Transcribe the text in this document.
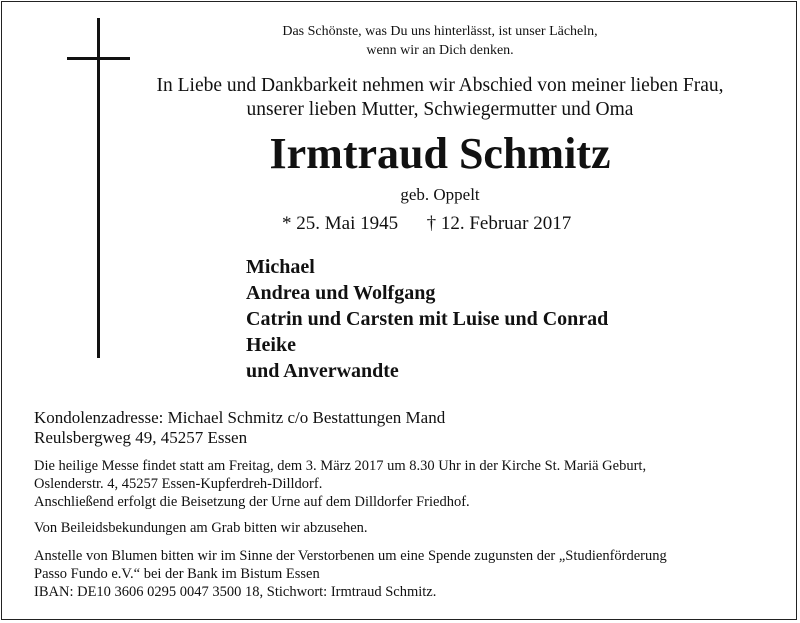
Das Schönste, was Du uns hinterlässt, ist unser Lächeln,
wenn wir an Dich denken.
In Liebe und Dankbarkeit nehmen wir Abschied von meiner lieben Frau,
unserer lieben Mutter, Schwiegermutter und Oma
Irmtraud Schmitz
geb. Oppelt
* 25. Mai 1945 † 12. Februar 2017
Michael
Andrea und Wolfgang
Catrin und Carsten mit Luise und Conrad
Heike
und Anverwandte
Kondolenzadresse: Michael Schmitz c/o Bestattungen Mand
Reulsbergweg 49, 45257 Essen
Die heilige Messe findet statt am Freitag, dem 3. März 2017 um 8.30 Uhr in der Kirche St. Mariä Geburt,
Oslenderstr. 4, 45257 Essen-Kupferdreh-Dilldorf.
Anschließend erfolgt die Beisetzung der Urne auf dem Dilldorfer Friedhof.
Von Beileidsbekundungen am Grab bitten wir abzusehen.
Anstelle von Blumen bitten wir im Sinne der Verstorbenen um eine Spende zugunsten der „Studienförderung
Passo Fundo e.V.“ bei der Bank im Bistum Essen
IBAN: DE10 3606 0295 0047 3500 18, Stichwort: Irmtraud Schmitz.
